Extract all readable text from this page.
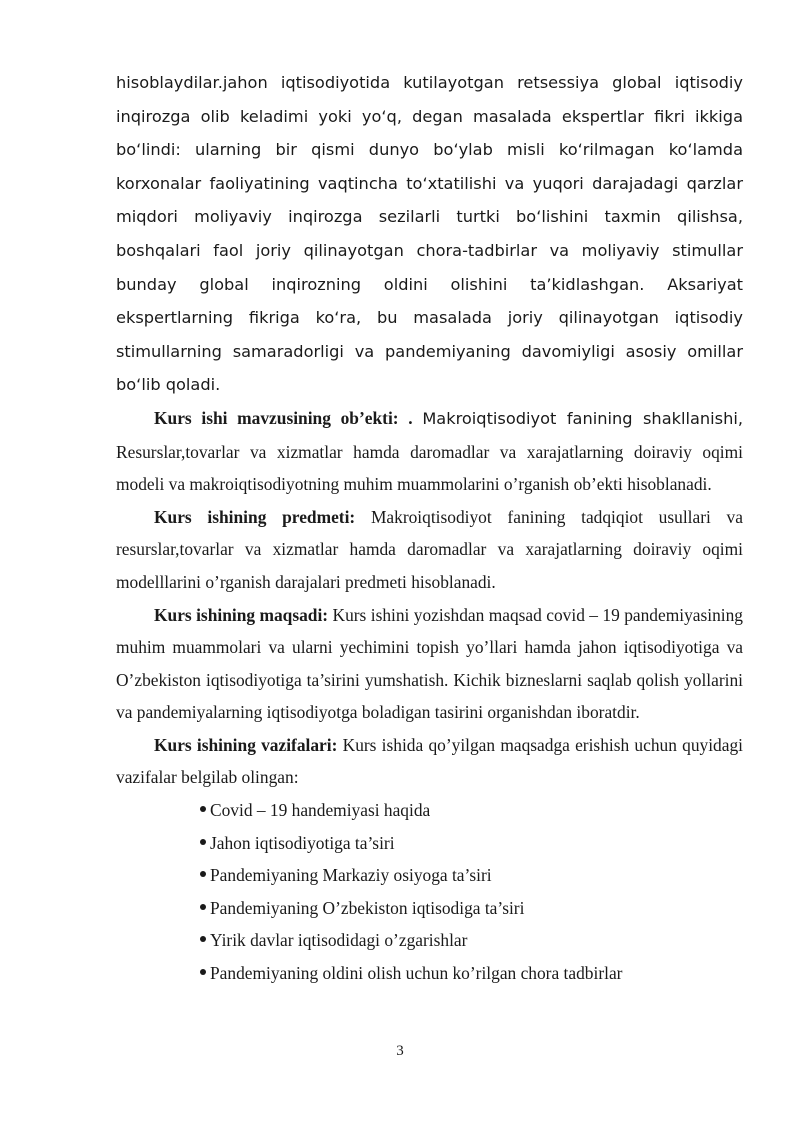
hisoblaydilar.jahon iqtisodiyotida kutilayotgan retsessiya global iqtisodiy inqirozga olib keladimi yoki yo‘q, degan masalada ekspertlar fikri ikkiga bo‘lindi: ularning bir qismi dunyo bo‘ylab misli ko‘rilmagan ko‘lamda korxonalar faoliyatining vaqtincha to‘xtatilishi va yuqori darajadagi qarzlar miqdori moliyaviy inqirozga sezilarli turtki bo‘lishini taxmin qilishsa, boshqalari faol joriy qilinayotgan chora-tadbirlar va moliyaviy stimullar bunday global inqirozning oldini olishini ta’kidlashgan. Aksariyat ekspertlarning fikriga ko‘ra, bu masalada joriy qilinayotgan iqtisodiy stimullarning samaradorligi va pandemiyaning davomiyligi asosiy omillar bo‘lib qoladi.

Kurs ishi mavzusining ob’ekti: . Makroiqtisodiyot fanining shakllanishi, Resurslar,tovarlar va xizmatlar hamda daromadlar va xarajatlarning doiraviy oqimi modeli va makroiqtisodiyotning muhim muammolarini o’rganish ob’ekti hisoblanadi.

Kurs ishining predmeti: Makroiqtisodiyot fanining tadqiqiot usullari va resurslar,tovarlar va xizmatlar hamda daromadlar va xarajatlarning doiraviy oqimi modelllarini o’rganish darajalari predmeti hisoblanadi.

Kurs ishining maqsadi: Kurs ishini yozishdan maqsad covid – 19 pandemiyasining muhim muammolari va ularni yechimini topish yo’llari hamda jahon iqtisodiyotiga va O’zbekiston iqtisodiyotiga ta’sirini yumshatish. Kichik bizneslarni saqlab qolish yollarini va pandemiyalarning iqtisodiyotga boladigan tasirini organishdan iboratdir.

Kurs ishining vazifalari: Kurs ishida qo’yilgan maqsadga erishish uchun quyidagi vazifalar belgilab olingan:

Covid – 19 handemiyasi haqida
Jahon iqtisodiyotiga ta’siri
Pandemiyaning Markaziy osiyoga ta’siri
Pandemiyaning O’zbekiston iqtisodiga ta’siri
Yirik davlar iqtisodidagi o’zgarishlar
Pandemiyaning oldini olish uchun ko’rilgan chora tadbirlar
3
